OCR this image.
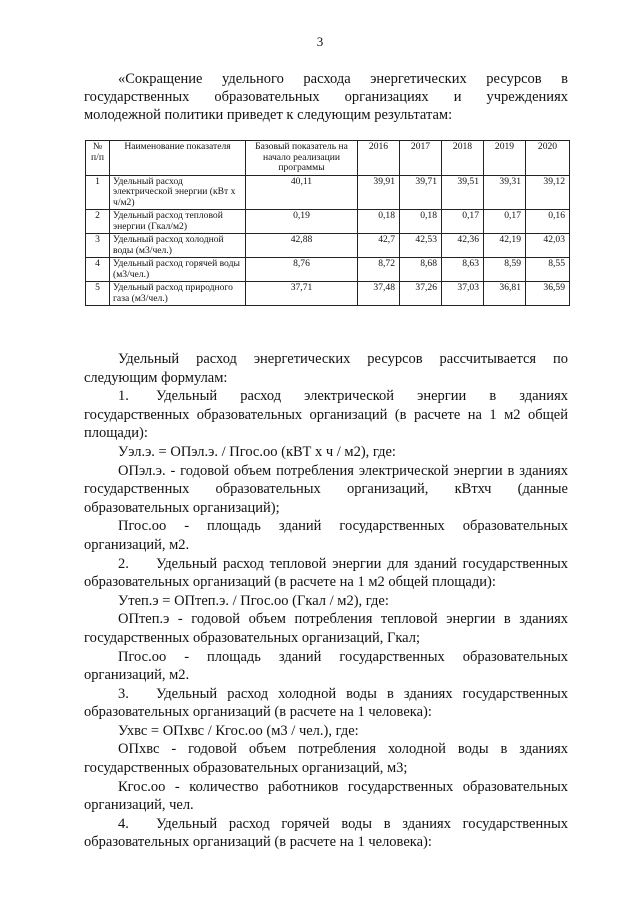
3

«Сокращение удельного расхода энергетических ресурсов в

государственных образовательных организациях и учреждениях

молодежной политики приведет к следующим результатам:

№ п/п	Наименование показателя	Базовый показатель на начало реализации программы	2016	2017	2018	2019	2020
1	Удельный расход электрической энергии (кВт х ч/м2)	40,11	39,91	39,71	39,51	39,31	39,12
2	Удельный расход тепловой энергии (Гкал/м2)	0,19	0,18	0,18	0,17	0,17	0,16
3	Удельный расход холодной воды (м3/чел.)	42,88	42,7	42,53	42,36	42,19	42,03
4	Удельный расход горячей воды (м3/чел.)	8,76	8,72	8,68	8,63	8,59	8,55
5	Удельный расход природного газа (м3/чел.)	37,71	37,48	37,26	37,03	36,81	36,59

Удельный расход энергетических ресурсов рассчитывается по следующим формулам:

1. Удельный расход электрической энергии в зданиях государственных образовательных организаций (в расчете на 1 м2 общей площади):

Уэл.э. = ОПэл.э. / Пгос.оо (кВТ х ч / м2), где:

ОПэл.э. - годовой объем потребления электрической энергии в зданиях государственных образовательных организаций, кВтхч (данные образовательных организаций);

Пгос.оо - площадь зданий государственных образовательных организаций, м2.

2. Удельный расход тепловой энергии для зданий государственных образовательных организаций (в расчете на 1 м2 общей площади):

Утеп.э = ОПтеп.э. / Пгос.оо (Гкал / м2), где:

ОПтеп.э - годовой объем потребления тепловой энергии в зданиях государственных образовательных организаций, Гкал;

Пгос.оо - площадь зданий государственных образовательных организаций, м2.

3. Удельный расход холодной воды в зданиях государственных образовательных организаций (в расчете на 1 человека):

Ухвс = ОПхвс / Кгос.оо (м3 / чел.), где:

ОПхвс - годовой объем потребления холодной воды в зданиях государственных образовательных организаций, м3;

Кгос.оо - количество работников государственных образовательных организаций, чел.

4. Удельный расход горячей воды в зданиях государственных образовательных организаций (в расчете на 1 человека):
